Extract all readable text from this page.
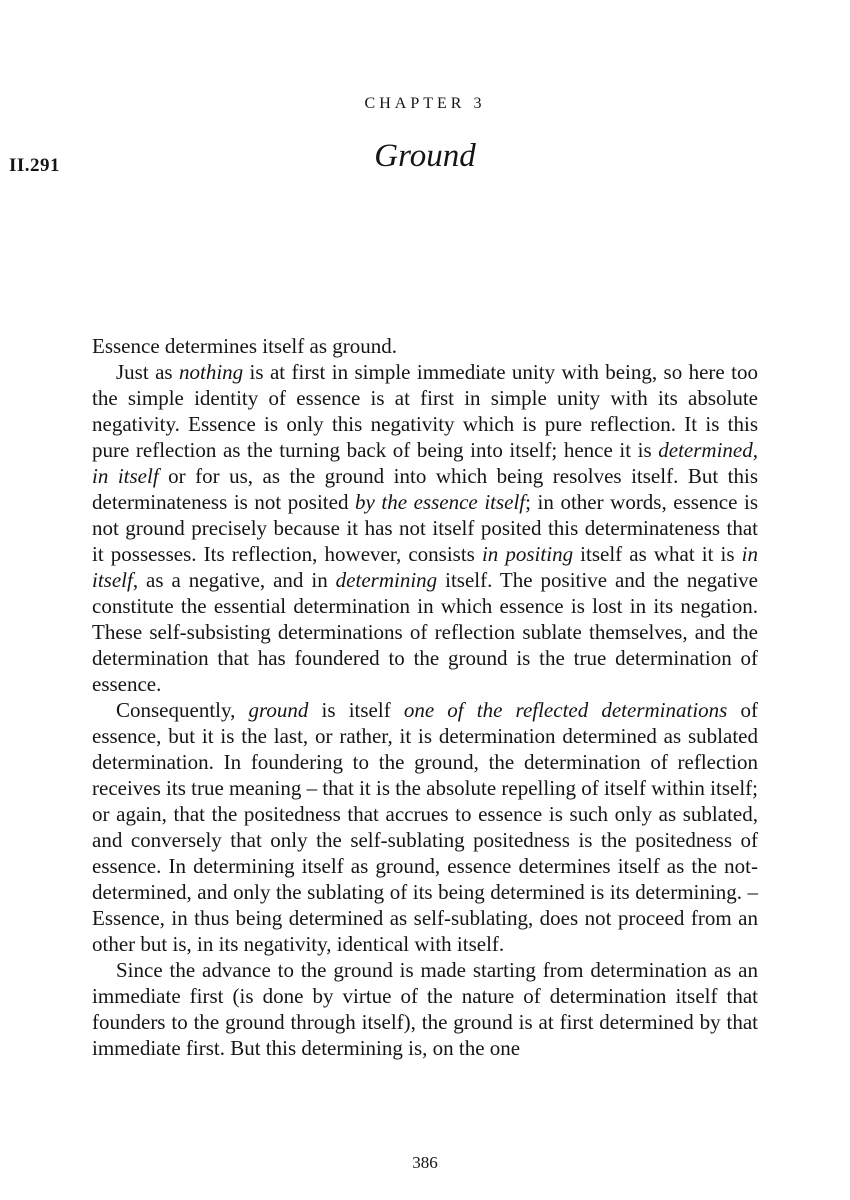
CHAPTER 3
Ground
II.291

Essence determines itself as ground.

Just as nothing is at first in simple immediate unity with being, so here too the simple identity of essence is at first in simple unity with its absolute negativity. Essence is only this negativity which is pure reflection. It is this pure reflection as the turning back of being into itself; hence it is determined, in itself or for us, as the ground into which being resolves itself. But this determinateness is not posited by the essence itself; in other words, essence is not ground precisely because it has not itself posited this determinateness that it possesses. Its reflection, however, consists in positing itself as what it is in itself, as a negative, and in determining itself. The positive and the negative constitute the essential determination in which essence is lost in its negation. These self-subsisting determinations of reflection sublate themselves, and the determination that has foundered to the ground is the true determination of essence.

Consequently, ground is itself one of the reflected determinations of essence, but it is the last, or rather, it is determination determined as sublated determination. In foundering to the ground, the determination of reflection receives its true meaning – that it is the absolute repelling of itself within itself; or again, that the positedness that accrues to essence is such only as sublated, and conversely that only the self-sublating positedness is the positedness of essence. In determining itself as ground, essence determines itself as the not-determined, and only the sublating of its being determined is its determining. – Essence, in thus being determined as self-sublating, does not proceed from an other but is, in its negativity, identical with itself.

Since the advance to the ground is made starting from determination as an immediate first (is done by virtue of the nature of determination itself that founders to the ground through itself), the ground is at first determined by that immediate first. But this determining is, on the one

386
